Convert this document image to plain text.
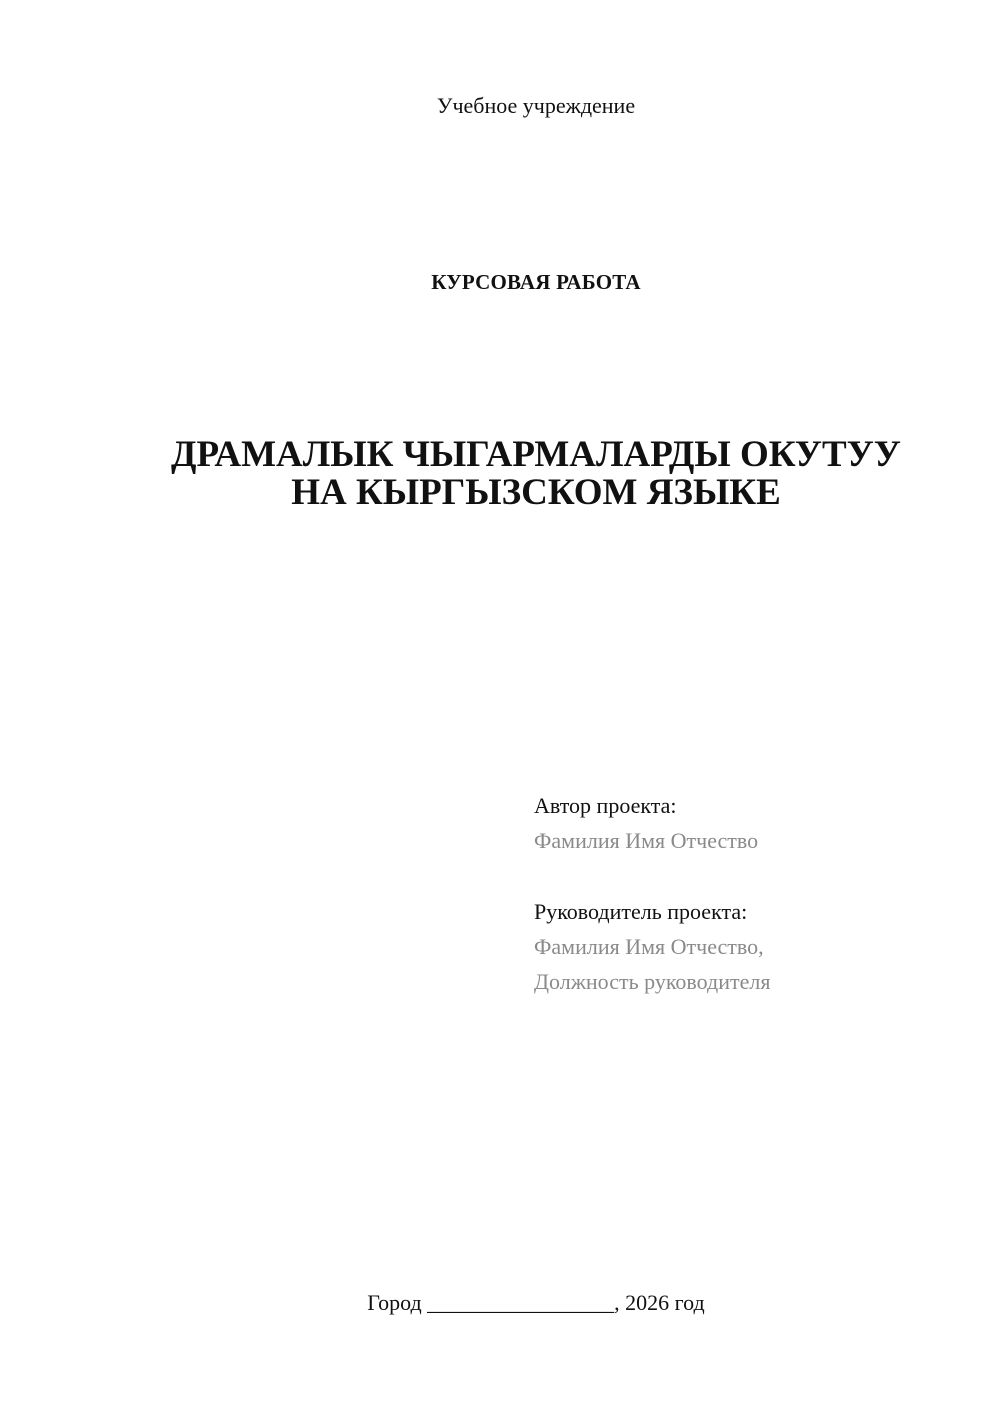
Учебное учреждение
КУРСОВАЯ РАБОТА
ДРАМАЛЫК ЧЫГАРМАЛАРДЫ ОКУТУУ
НА КЫРГЫЗСКОМ ЯЗЫКЕ
Автор проекта:
Фамилия Имя Отчество
Руководитель проекта:
Фамилия Имя Отчество,
Должность руководителя
Город _________________, 2026 год
